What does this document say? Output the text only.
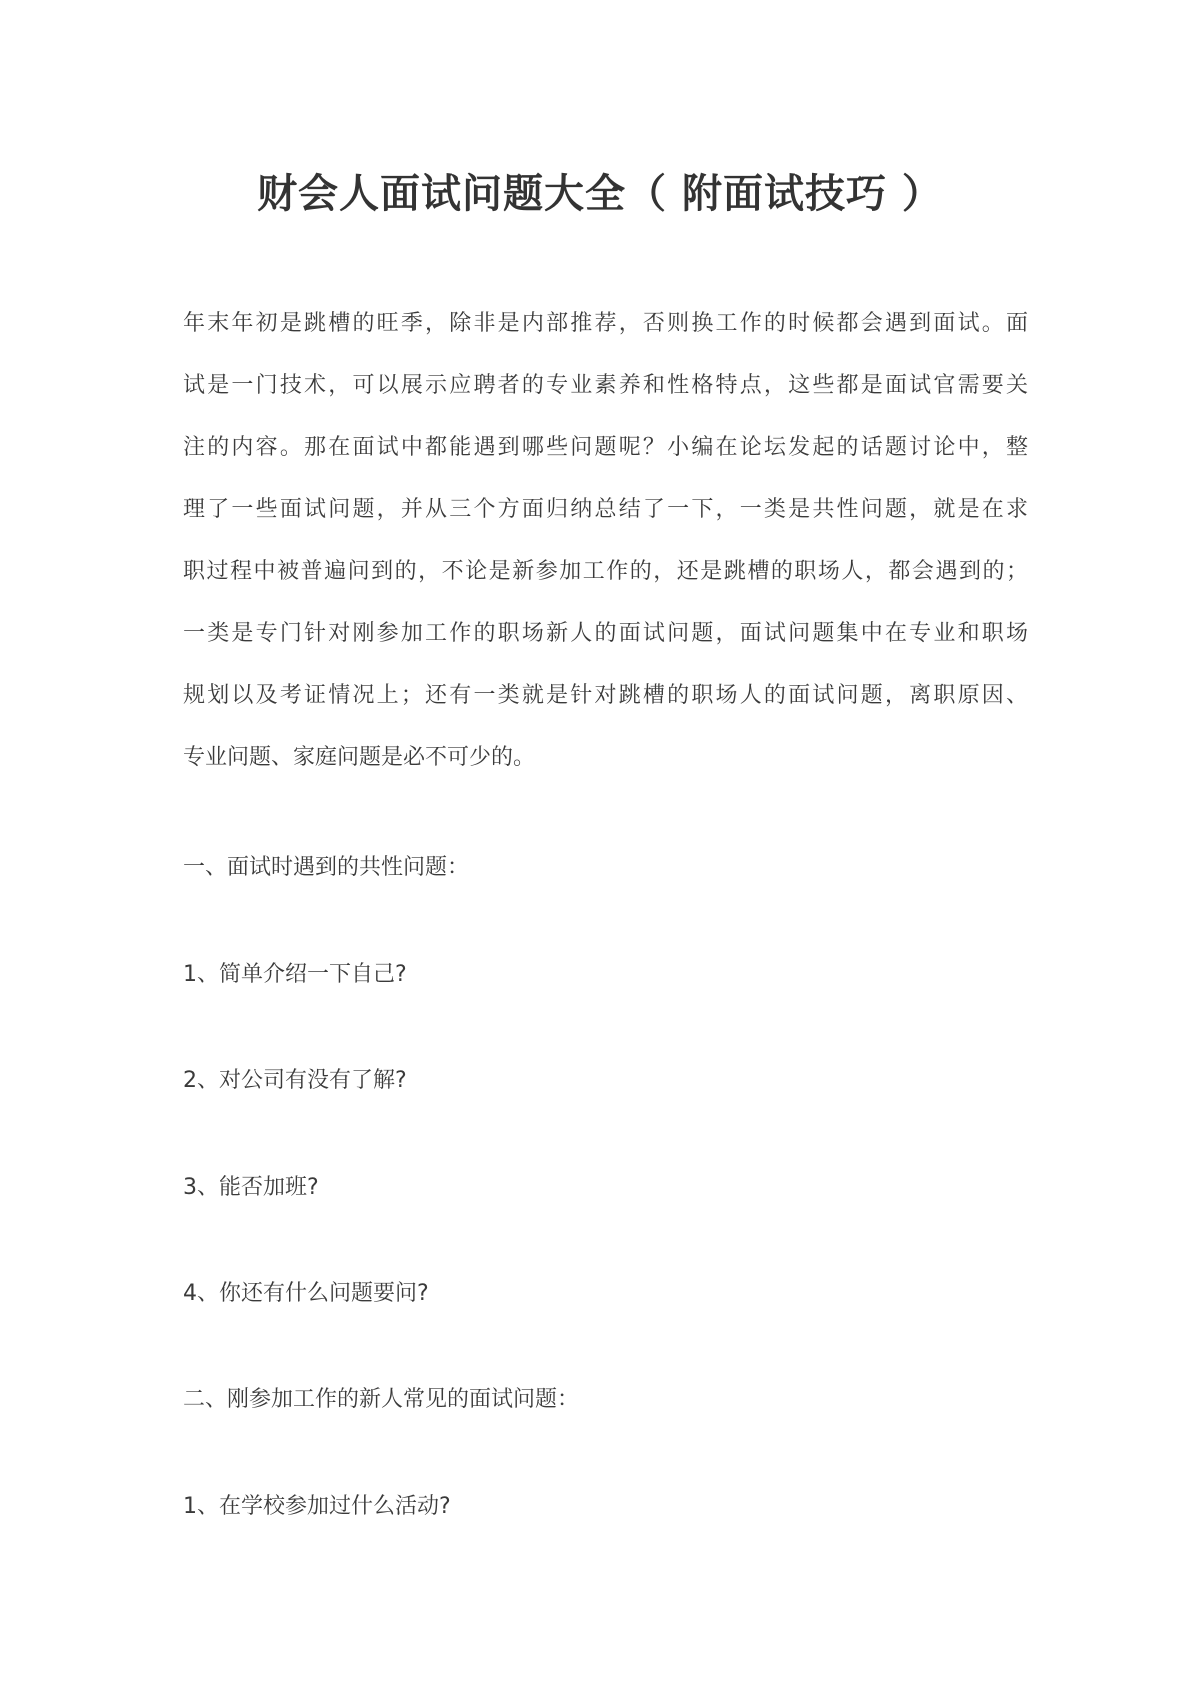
财会人面试问题大全（ 附面试技巧 ）
年末年初是跳槽的旺季，除非是内部推荐，否则换工作的时候都会遇到面试。面
试是一门技术，可以展示应聘者的专业素养和性格特点，这些都是面试官需要关
注的内容。那在面试中都能遇到哪些问题呢？小编在论坛发起的话题讨论中，整
理了一些面试问题，并从三个方面归纳总结了一下，一类是共性问题，就是在求
职过程中被普遍问到的，不论是新参加工作的，还是跳槽的职场人，都会遇到的；
一类是专门针对刚参加工作的职场新人的面试问题，面试问题集中在专业和职场
规划以及考证情况上；还有一类就是针对跳槽的职场人的面试问题，离职原因、
专业问题、家庭问题是必不可少的。
一、面试时遇到的共性问题：
1、简单介绍一下自己?
2、对公司有没有了解?
3、能否加班?
4、你还有什么问题要问?
二、刚参加工作的新人常见的面试问题：
1、在学校参加过什么活动?
